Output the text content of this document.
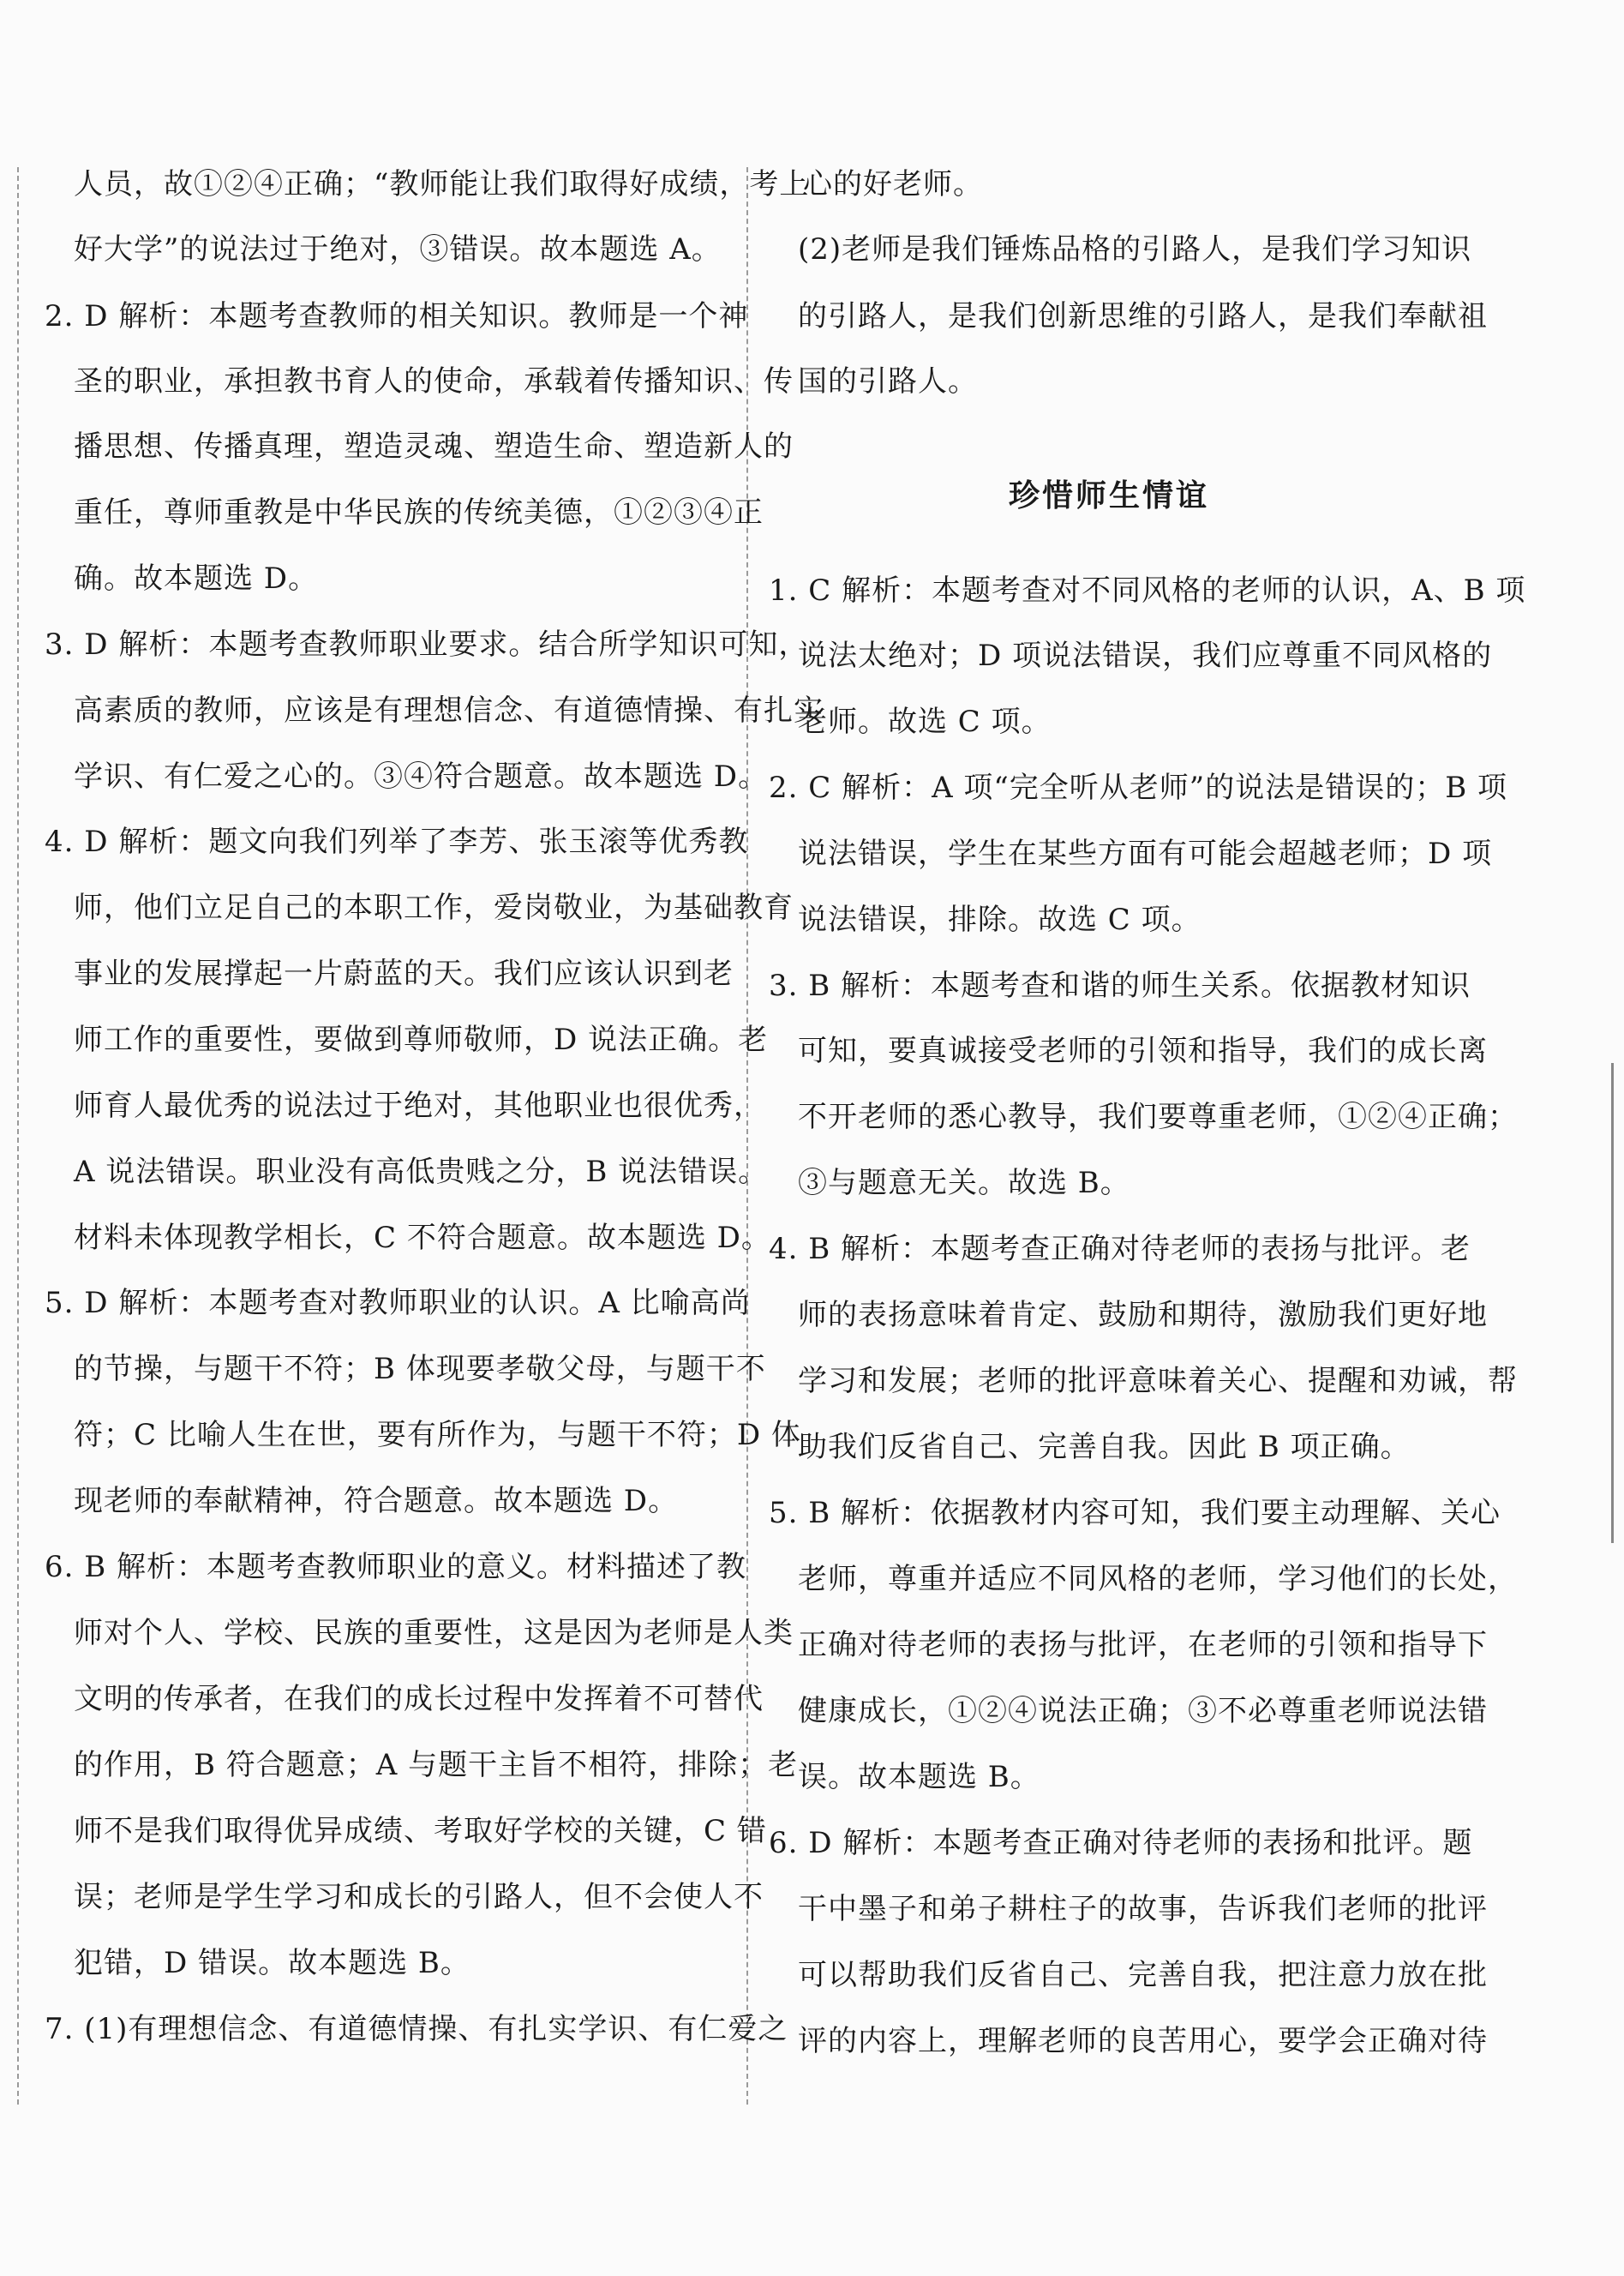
人员，故①②④正确；“教师能让我们取得好成绩，考上
好大学”的说法过于绝对，③错误。故本题选 A。
2. D 解析：本题考查教师的相关知识。教师是一个神
圣的职业，承担教书育人的使命，承载着传播知识、传
播思想、传播真理，塑造灵魂、塑造生命、塑造新人的
重任，尊师重教是中华民族的传统美德，①②③④正
确。故本题选 D。
3. D 解析：本题考查教师职业要求。结合所学知识可知，
高素质的教师，应该是有理想信念、有道德情操、有扎实
学识、有仁爱之心的。③④符合题意。故本题选 D。
4. D 解析：题文向我们列举了李芳、张玉滚等优秀教
师，他们立足自己的本职工作，爱岗敬业，为基础教育
事业的发展撑起一片蔚蓝的天。我们应该认识到老
师工作的重要性，要做到尊师敬师，D 说法正确。老
师育人最优秀的说法过于绝对，其他职业也很优秀，
A 说法错误。职业没有高低贵贱之分，B 说法错误。
材料未体现教学相长，C 不符合题意。故本题选 D。
5. D 解析：本题考查对教师职业的认识。A 比喻高尚
的节操，与题干不符；B 体现要孝敬父母，与题干不
符；C 比喻人生在世，要有所作为，与题干不符；D 体
现老师的奉献精神，符合题意。故本题选 D。
6. B 解析：本题考查教师职业的意义。材料描述了教
师对个人、学校、民族的重要性，这是因为老师是人类
文明的传承者，在我们的成长过程中发挥着不可替代
的作用，B 符合题意；A 与题干主旨不相符，排除；老
师不是我们取得优异成绩、考取好学校的关键，C 错
误；老师是学生学习和成长的引路人，但不会使人不
犯错，D 错误。故本题选 B。
7. (1)有理想信念、有道德情操、有扎实学识、有仁爱之
心的好老师。
(2)老师是我们锤炼品格的引路人，是我们学习知识
的引路人，是我们创新思维的引路人，是我们奉献祖
国的引路人。
珍惜师生情谊
1. C 解析：本题考查对不同风格的老师的认识，A、B 项
说法太绝对；D 项说法错误，我们应尊重不同风格的
老师。故选 C 项。
2. C 解析：A 项“完全听从老师”的说法是错误的；B 项
说法错误，学生在某些方面有可能会超越老师；D 项
说法错误，排除。故选 C 项。
3. B 解析：本题考查和谐的师生关系。依据教材知识
可知，要真诚接受老师的引领和指导，我们的成长离
不开老师的悉心教导，我们要尊重老师，①②④正确；
③与题意无关。故选 B。
4. B 解析：本题考查正确对待老师的表扬与批评。老
师的表扬意味着肯定、鼓励和期待，激励我们更好地
学习和发展；老师的批评意味着关心、提醒和劝诫，帮
助我们反省自己、完善自我。因此 B 项正确。
5. B 解析：依据教材内容可知，我们要主动理解、关心
老师，尊重并适应不同风格的老师，学习他们的长处，
正确对待老师的表扬与批评，在老师的引领和指导下
健康成长，①②④说法正确；③不必尊重老师说法错
误。故本题选 B。
6. D 解析：本题考查正确对待老师的表扬和批评。题
干中墨子和弟子耕柱子的故事，告诉我们老师的批评
可以帮助我们反省自己、完善自我，把注意力放在批
评的内容上，理解老师的良苦用心，要学会正确对待
